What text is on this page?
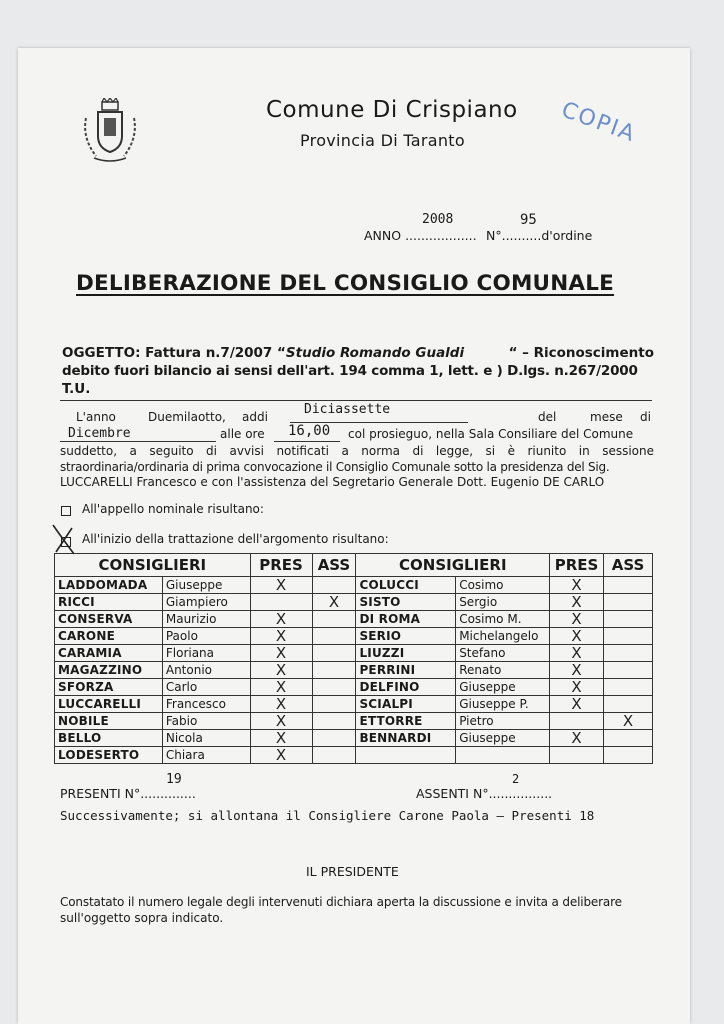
Comune Di Crispiano
Provincia Di Taranto	COPIA
2008	95
ANNO .................. N°..........d'ordine
DELIBERAZIONE DEL CONSIGLIO COMUNALE
OGGETTO: Fattura n.7/2007 “Studio Romando Gualdi	“ – Riconoscimento
debito fuori bilancio ai sensi dell'art. 194 comma 1, lett. e ) D.lgs. n.267/2000
T.U.
L'anno	Duemilaotto, addi	Diciassette	del	mese di
Dicembre	alle ore 16,00 col prosieguo, nella Sala Consiliare del Comune
suddetto, a seguito di avvisi notificati a norma di legge, si è riunito in sessione
straordinaria/ordinaria di prima convocazione il Consiglio Comunale sotto la presidenza del Sig.
LUCCARELLI Francesco e con l'assistenza del Segretario Generale Dott. Eugenio DE CARLO
All'appello nominale risultano:
All'inizio della trattazione dell'argomento risultano:
CONSIGLIERI		PRES	ASS	CONSIGLIERI		PRES	ASS
LADDOMADA	Giuseppe	X		COLUCCI	Cosimo	X	
RICCI	Giampiero		X	SISTO	Sergio	X	
CONSERVA	Maurizio	X		DI ROMA	Cosimo M.	X	
CARONE	Paolo	X		SERIO	Michelangelo	X	
CARAMIA	Floriana	X		LIUZZI	Stefano	X	
MAGAZZINO	Antonio	X		PERRINI	Renato	X	
SFORZA	Carlo	X		DELFINO	Giuseppe	X	
LUCCARELLI	Francesco	X		SCIALPI	Giuseppe P.	X	
NOBILE	Fabio	X		ETTORRE	Pietro		X
BELLO	Nicola	X		BENNARDI	Giuseppe	X	
LODESERTO	Chiara	X					
PRESENTI N°..............
19
ASSENTI N°................
2
Successivamente; si allontana il Consigliere Carone Paola – Presenti 18
IL PRESIDENTE
Constatato il numero legale degli intervenuti dichiara aperta la discussione e invita a deliberare
sull'oggetto sopra indicato.
